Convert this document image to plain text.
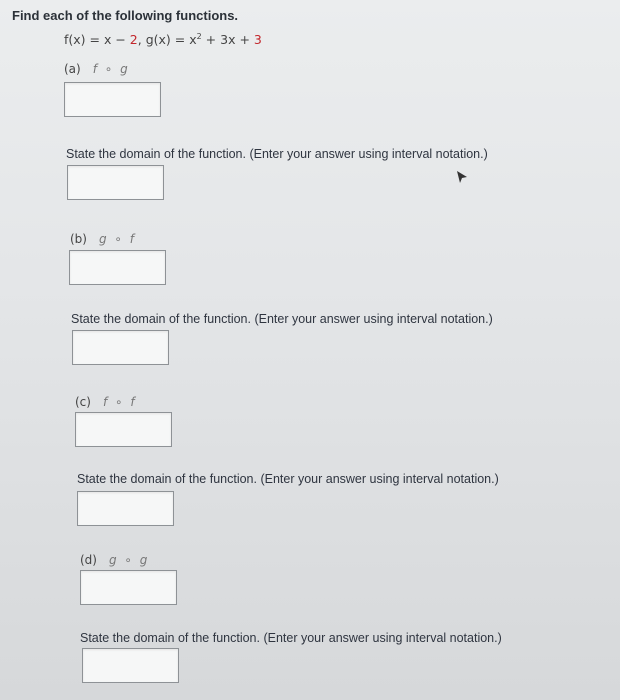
Find each of the following functions.
f(x) = x − 2, $g(x) = x^2 + 3x + 3$
(a) f ∘ g
State the domain of the function. (Enter your answer using interval notation.)
(b) g ∘ f
State the domain of the function. (Enter your answer using interval notation.)
(c) f ∘ f
State the domain of the function. (Enter your answer using interval notation.)
(d) g ∘ g
State the domain of the function. (Enter your answer using interval notation.)
